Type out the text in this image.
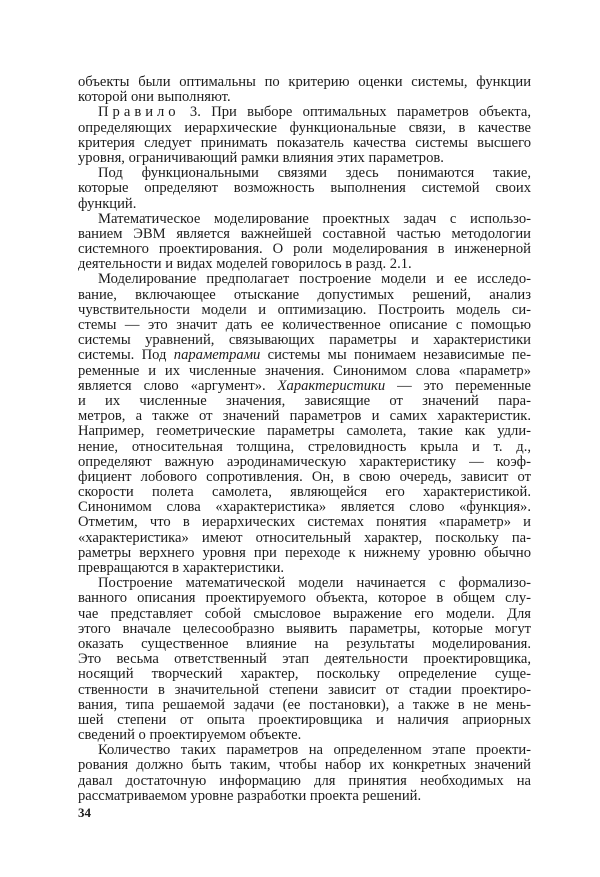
объекты были оптимальны по критерию оценки системы, функции
которой они выполняют.
Правило 3. При выборе оптимальных параметров объекта,
определяющих иерархические функциональные связи, в качестве
критерия следует принимать показатель качества системы высшего
уровня, ограничивающий рамки влияния этих параметров.
Под функциональными связями здесь понимаются такие,
которые определяют возможность выполнения системой своих
функций.
Математическое моделирование проектных задач с использо-
ванием ЭВМ является важнейшей составной частью методологии
системного проектирования. О роли моделирования в инженерной
деятельности и видах моделей говорилось в разд. 2.1.
Моделирование предполагает построение модели и ее исследо-
вание, включающее отыскание допустимых решений, анализ
чувствительности модели и оптимизацию. Построить модель си-
стемы — это значит дать ее количественное описание с помощью
системы уравнений, связывающих параметры и характеристики
системы. Под параметрами системы мы понимаем независимые пе-
ременные и их численные значения. Синонимом слова «параметр»
является слово «аргумент». Характеристики — это переменные
и их численные значения, зависящие от значений пара-
метров, а также от значений параметров и самих характеристик.
Например, геометрические параметры самолета, такие как удли-
нение, относительная толщина, стреловидность крыла и т. д.,
определяют важную аэродинамическую характеристику — коэф-
фициент лобового сопротивления. Он, в свою очередь, зависит от
скорости полета самолета, являющейся его характеристикой.
Синонимом слова «характеристика» является слово «функция».
Отметим, что в иерархических системах понятия «параметр» и
«характеристика» имеют относительный характер, поскольку па-
раметры верхнего уровня при переходе к нижнему уровню обычно
превращаются в характеристики.
Построение математической модели начинается с формализо-
ванного описания проектируемого объекта, которое в общем слу-
чае представляет собой смысловое выражение его модели. Для
этого вначале целесообразно выявить параметры, которые могут
оказать существенное влияние на результаты моделирования.
Это весьма ответственный этап деятельности проектировщика,
носящий творческий характер, поскольку определение суще-
ственности в значительной степени зависит от стадии проектиро-
вания, типа решаемой задачи (ее постановки), а также в не мень-
шей степени от опыта проектировщика и наличия априорных
сведений о проектируемом объекте.
Количество таких параметров на определенном этапе проекти-
рования должно быть таким, чтобы набор их конкретных значений
давал достаточную информацию для принятия необходимых на
рассматриваемом уровне разработки проекта решений.
34
